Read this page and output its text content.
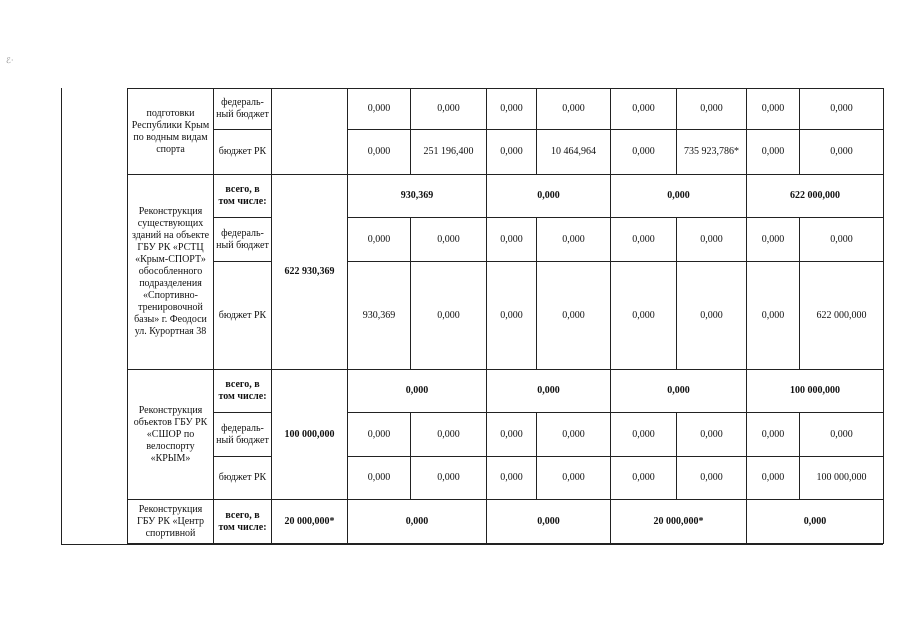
ℰ·
подготовки Республики Крым по водным видам спорта	федераль-ный бюджет		0,000	0,000	0,000	0,000	0,000	0,000	0,000	0,000
	бюджет РК		0,000	251 196,400	0,000	10 464,964	0,000	735 923,786*	0,000	0,000
Реконструкция существующих зданий на объекте ГБУ РК «РСТЦ «Крым-СПОРТ» обособленного подразделения «Спортивно-тренировочной базы» г. Феодоси ул. Курортная 38	всего, в том числе:	622 930,369	930,369		0,000		0,000		622 000,000	
	федераль-ный бюджет		0,000	0,000	0,000	0,000	0,000	0,000	0,000	0,000
	бюджет РК		930,369	0,000	0,000	0,000	0,000	0,000	0,000	622 000,000
Реконструкция объектов ГБУ РК «СШОР по велоспорту «КРЫМ»	всего, в том числе:	100 000,000	0,000		0,000		0,000		100 000,000	
	федераль-ный бюджет		0,000	0,000	0,000	0,000	0,000	0,000	0,000	0,000
	бюджет РК		0,000	0,000	0,000	0,000	0,000	0,000	0,000	100 000,000
Реконструкция ГБУ РК «Центр спортивной	всего, в том числе:	20 000,000*	0,000		0,000		20 000,000*		0,000	
